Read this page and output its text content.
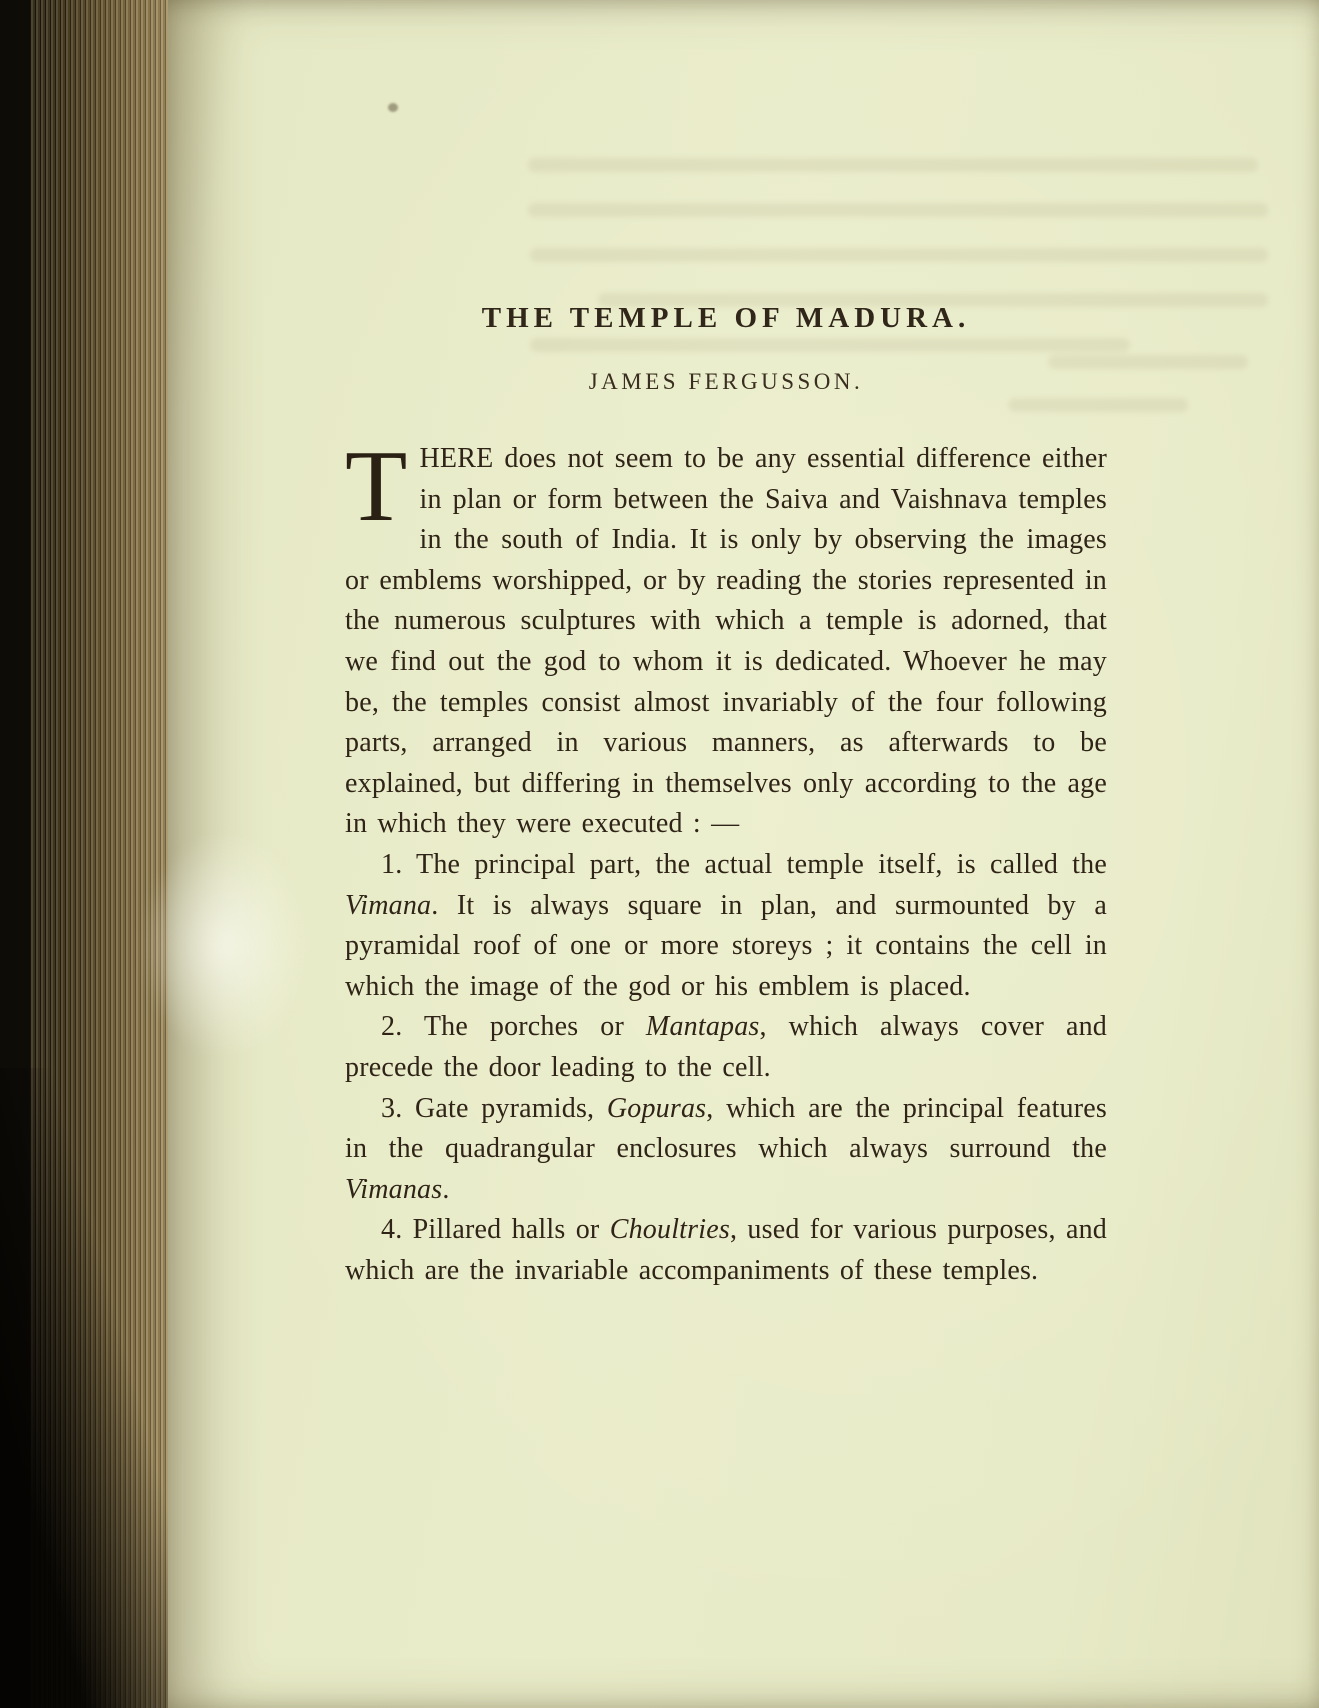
THE TEMPLE OF MADURA.
JAMES FERGUSSON.

THERE does not seem to be any essential difference either in plan or form between the Saiva and Vaishnava temples in the south of India. It is only by observing the images or emblems worshipped, or by reading the stories represented in the numerous sculptures with which a temple is adorned, that we find out the god to whom it is dedicated. Whoever he may be, the temples consist almost invariably of the four following parts, arranged in various manners, as afterwards to be explained, but differing in themselves only according to the age in which they were executed : —

1. The principal part, the actual temple itself, is called the Vimana. It is always square in plan, and surmounted by a pyramidal roof of one or more storeys ; it contains the cell in which the image of the god or his emblem is placed.

2. The porches or Mantapas, which always cover and precede the door leading to the cell.

3. Gate pyramids, Gopuras, which are the principal features in the quadrangular enclosures which always surround the Vimanas.

4. Pillared halls or Choultries, used for various purposes, and which are the invariable accompaniments of these temples.
